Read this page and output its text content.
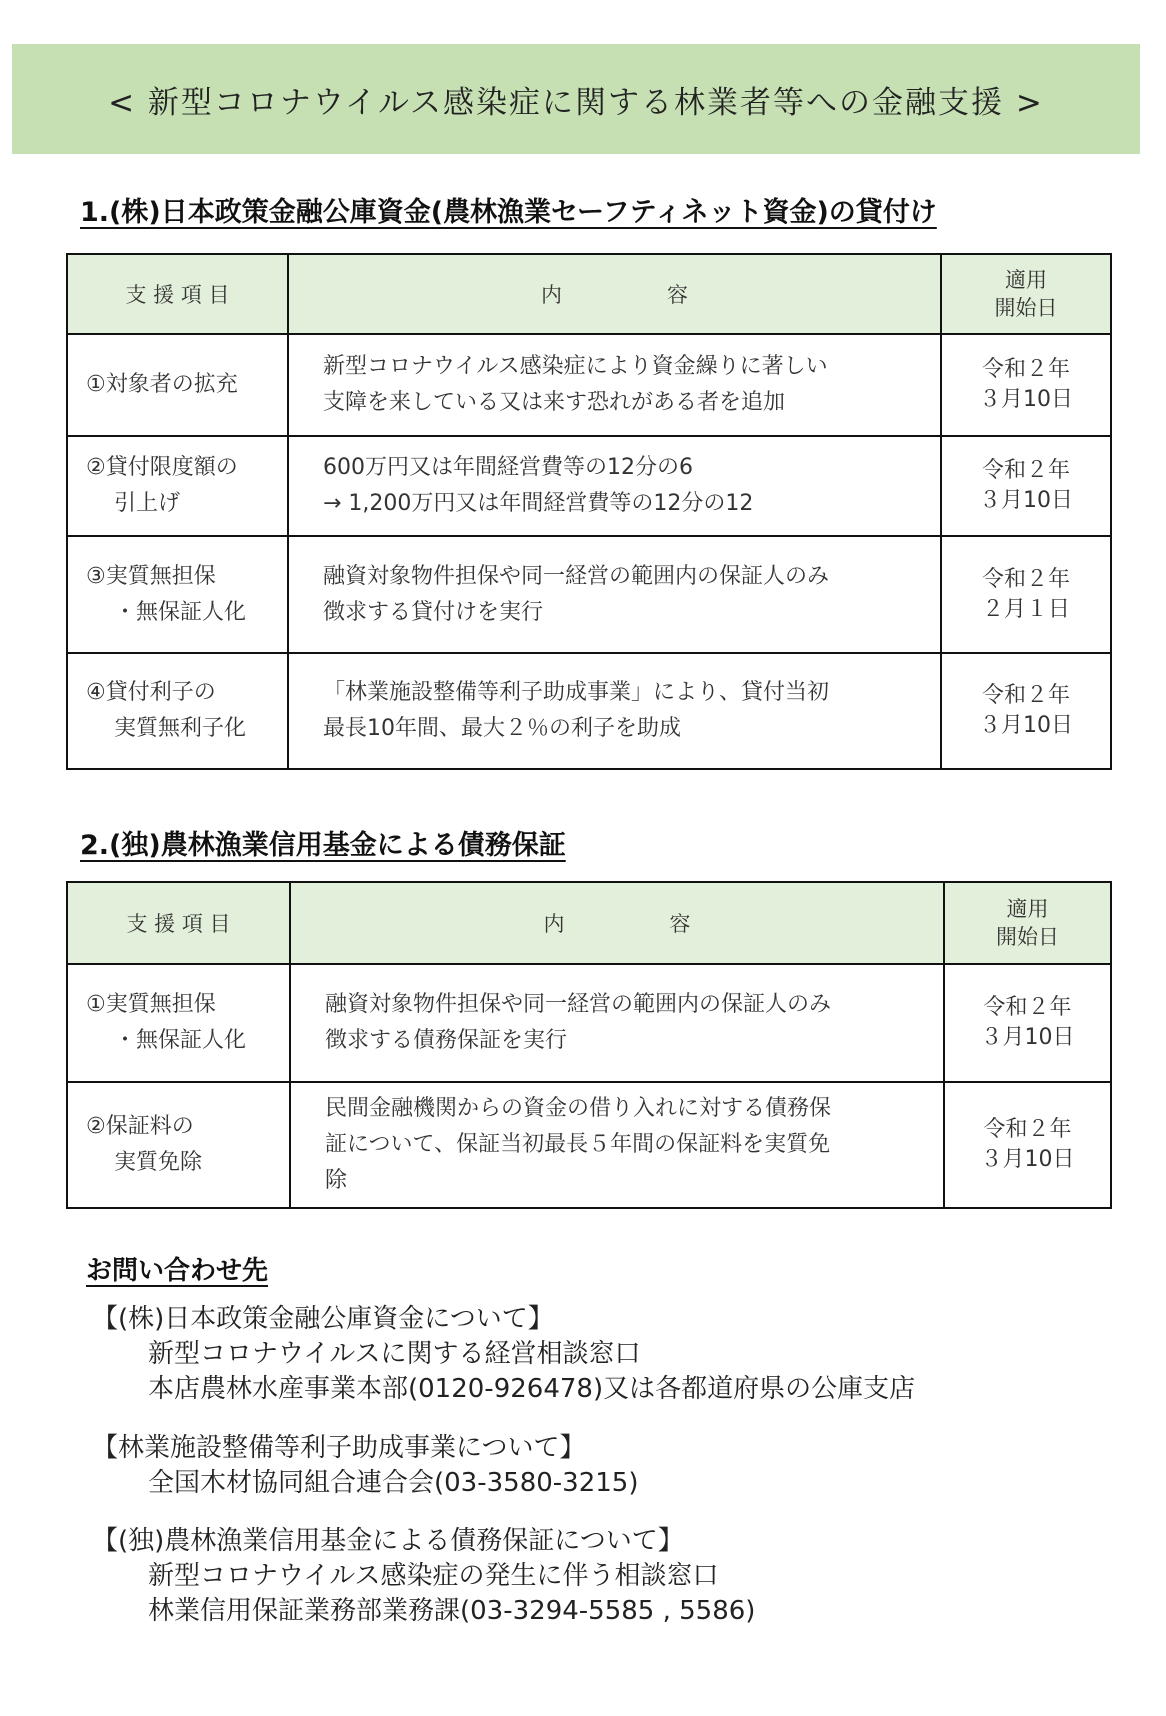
< 新型コロナウイルス感染症に関する林業者等への金融支援 >
1.(株)日本政策金融公庫資金(農林漁業セーフティネット資金)の貸付け
支 援 項 目	内　　　　　容	適用
開始日

①対象者の拡充	新型コロナウイルス感染症により資金繰りに著しい
支障を来している又は来す恐れがある者を追加	令和２年
３月10日

②貸付限度額の
引上げ	600万円又は年間経営費等の12分の6
→ 1,200万円又は年間経営費等の12分の12	令和２年
３月10日

③実質無担保
・無保証人化	融資対象物件担保や同一経営の範囲内の保証人のみ
徴求する貸付けを実行	令和２年
２月１日

④貸付利子の
実質無利子化	「林業施設整備等利子助成事業」により、貸付当初
最長10年間、最大２％の利子を助成	令和２年
３月10日
2.(独)農林漁業信用基金による債務保証
支 援 項 目	内　　　　　容	適用
開始日

①実質無担保
・無保証人化	融資対象物件担保や同一経営の範囲内の保証人のみ
徴求する債務保証を実行	令和２年
３月10日

②保証料の
実質免除	民間金融機関からの資金の借り入れに対する債務保
証について、保証当初最長５年間の保証料を実質免
除	令和２年
３月10日
お問い合わせ先
【(株)日本政策金融公庫資金について】
新型コロナウイルスに関する経営相談窓口
本店農林水産事業本部(0120-926478)又は各都道府県の公庫支店
【林業施設整備等利子助成事業について】
全国木材協同組合連合会(03-3580-3215)
【(独)農林漁業信用基金による債務保証について】
新型コロナウイルス感染症の発生に伴う相談窓口
林業信用保証業務部業務課(03-3294-5585 , 5586)
